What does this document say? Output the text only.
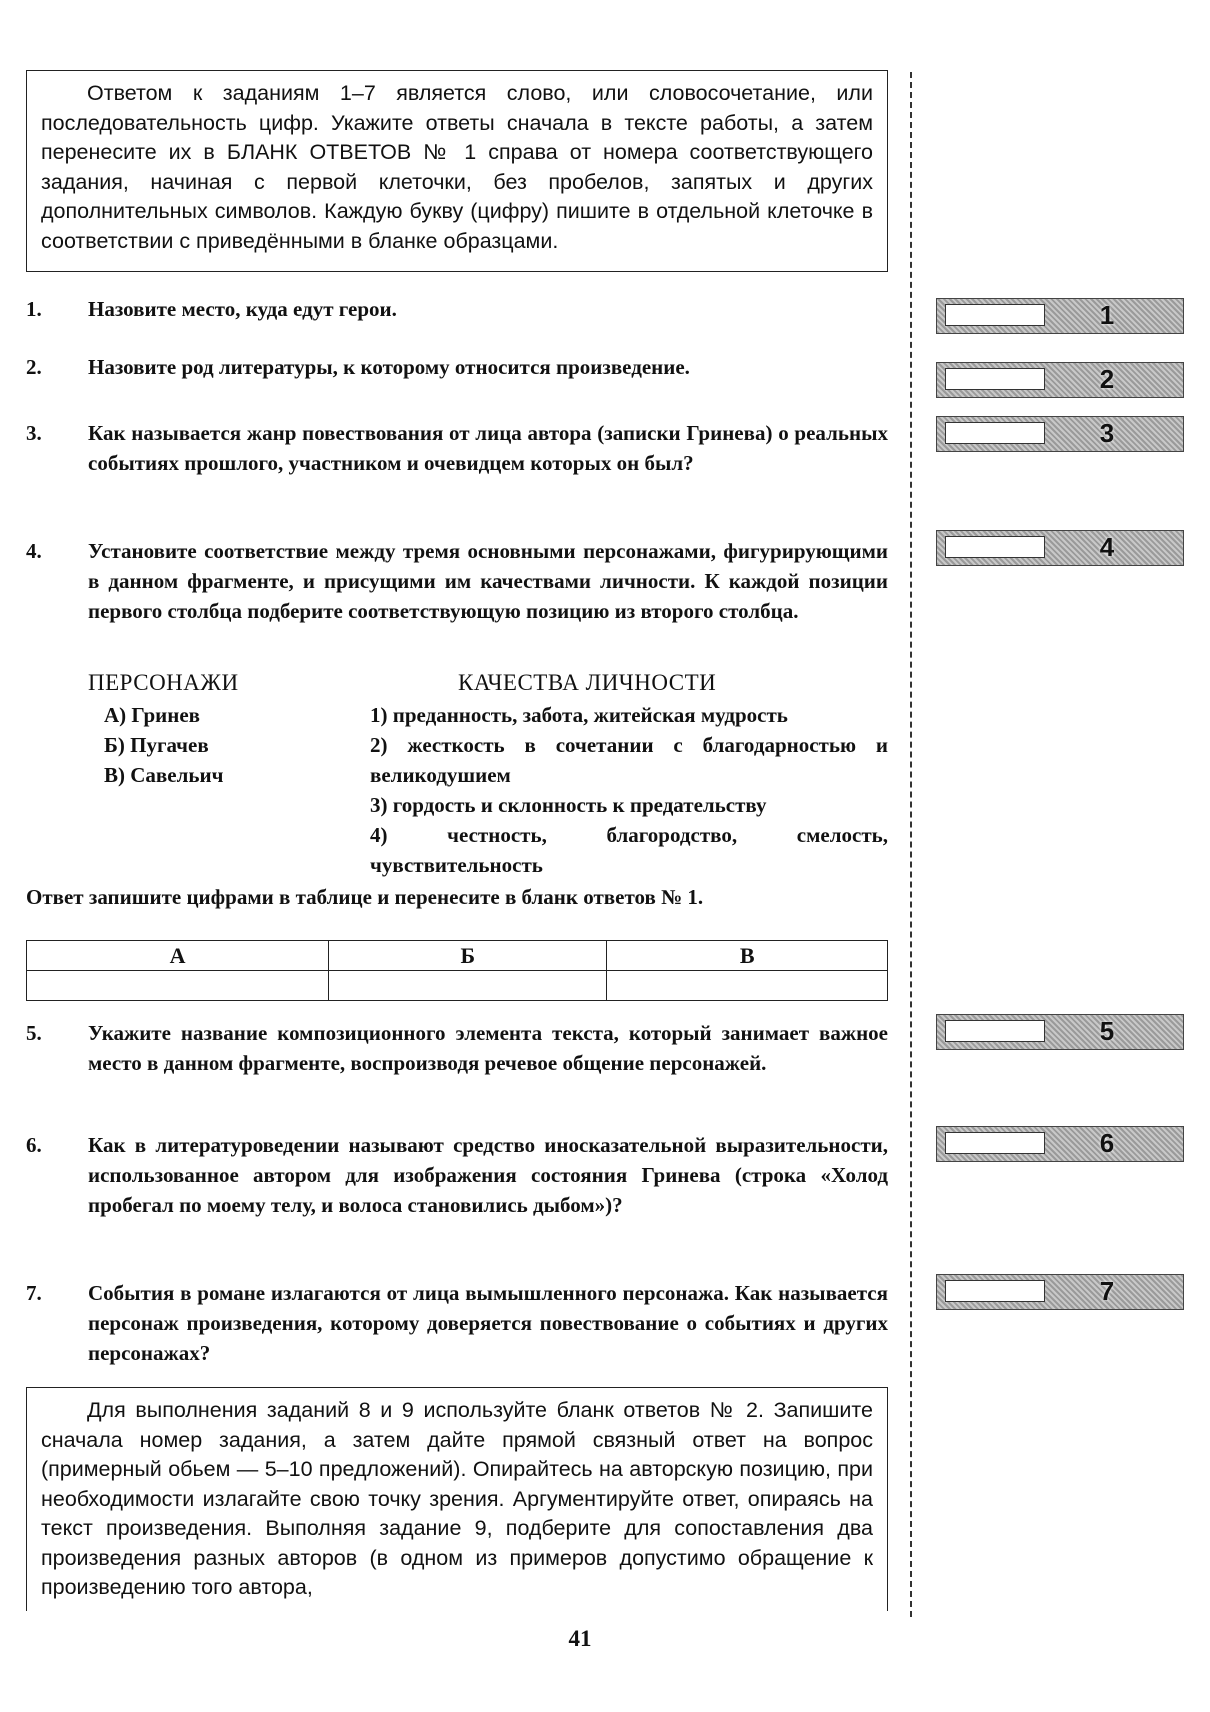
Ответом к заданиям 1–7 является слово, или словосочетание, или последовательность цифр. Укажите ответы сначала в тексте работы, а затем перенесите их в БЛАНК ОТВЕТОВ № 1 справа от номера соответствующего задания, начиная с первой клеточки, без пробелов, запятых и других дополнительных символов. Каждую букву (цифру) пишите в отдельной клеточке в соответствии с приведёнными в бланке образцами.

1. Назовите место, куда едут герои.
2. Назовите род литературы, к которому относится произведение.
3. Как называется жанр повествования от лица автора (записки Гринева) о реальных событиях прошлого, участником и очевидцем которых он был?
4. Установите соответствие между тремя основными персонажами, фигурирующими в данном фрагменте, и присущими им качествами личности. К каждой позиции первого столбца подберите соответствующую позицию из второго столбца.
ПЕРСОНАЖИ	КАЧЕСТВА ЛИЧНОСТИ
А) Гринев
Б) Пугачев
В) Савельич
1) преданность, забота, житейская мудрость
2) жесткость в сочетании с благодарностью и великодушием
3) гордость и склонность к предательству
4) честность, благородство, смелость, чувствительность
Ответ запишите цифрами в таблице и перенесите в бланк ответов № 1.
А	Б	В

5. Укажите название композиционного элемента текста, который занимает важное место в данном фрагменте, воспроизводя речевое общение персонажей.
6. Как в литературоведении называют средство иносказательной выразительности, использованное автором для изображения состояния Гринева (строка «Холод пробегал по моему телу, и волоса становились дыбом»)?
7. События в романе излагаются от лица вымышленного персонажа. Как называется персонаж произведения, которому доверяется повествование о событиях и других персонажах?
1
2
3
4
5
6
7

Для выполнения заданий 8 и 9 используйте бланк ответов № 2. Запишите сначала номер задания, а затем дайте прямой связный ответ на вопрос (примерный обьем — 5–10 предложений). Опирайтесь на авторскую позицию, при необходимости излагайте свою точку зрения. Аргументируйте ответ, опираясь на текст произведения. Выполняя задание 9, подберите для сопоставления два произведения разных авторов (в одном из примеров допустимо обращение к произведению того автора,

41
